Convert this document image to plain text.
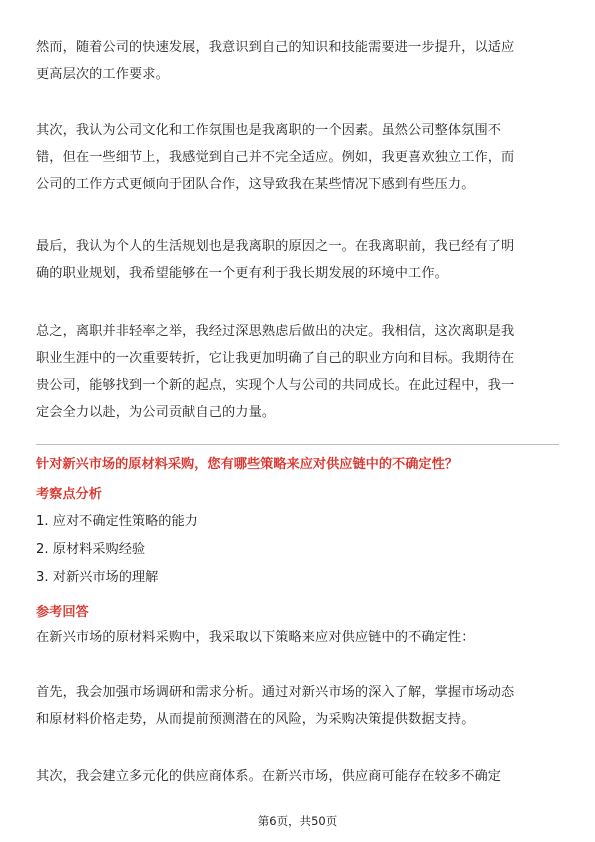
然而，随着公司的快速发展，我意识到自己的知识和技能需要进一步提升，以适应
更高层次的工作要求。

其次，我认为公司文化和工作氛围也是我离职的一个因素。虽然公司整体氛围不
错，但在一些细节上，我感觉到自己并不完全适应。例如，我更喜欢独立工作，而
公司的工作方式更倾向于团队合作，这导致我在某些情况下感到有些压力。

最后，我认为个人的生活规划也是我离职的原因之一。在我离职前，我已经有了明
确的职业规划，我希望能够在一个更有利于我长期发展的环境中工作。

总之，离职并非轻率之举，我经过深思熟虑后做出的决定。我相信，这次离职是我
职业生涯中的一次重要转折，它让我更加明确了自己的职业方向和目标。我期待在
贵公司，能够找到一个新的起点，实现个人与公司的共同成长。在此过程中，我一
定会全力以赴，为公司贡献自己的力量。

针对新兴市场的原材料采购，您有哪些策略来应对供应链中的不确定性？

考察点分析

1. 应对不确定性策略的能力

2. 原材料采购经验

3. 对新兴市场的理解

参考回答

在新兴市场的原材料采购中，我采取以下策略来应对供应链中的不确定性：

首先，我会加强市场调研和需求分析。通过对新兴市场的深入了解，掌握市场动态
和原材料价格走势，从而提前预测潜在的风险，为采购决策提供数据支持。

其次，我会建立多元化的供应商体系。在新兴市场，供应商可能存在较多不确定

第6页，共50页
